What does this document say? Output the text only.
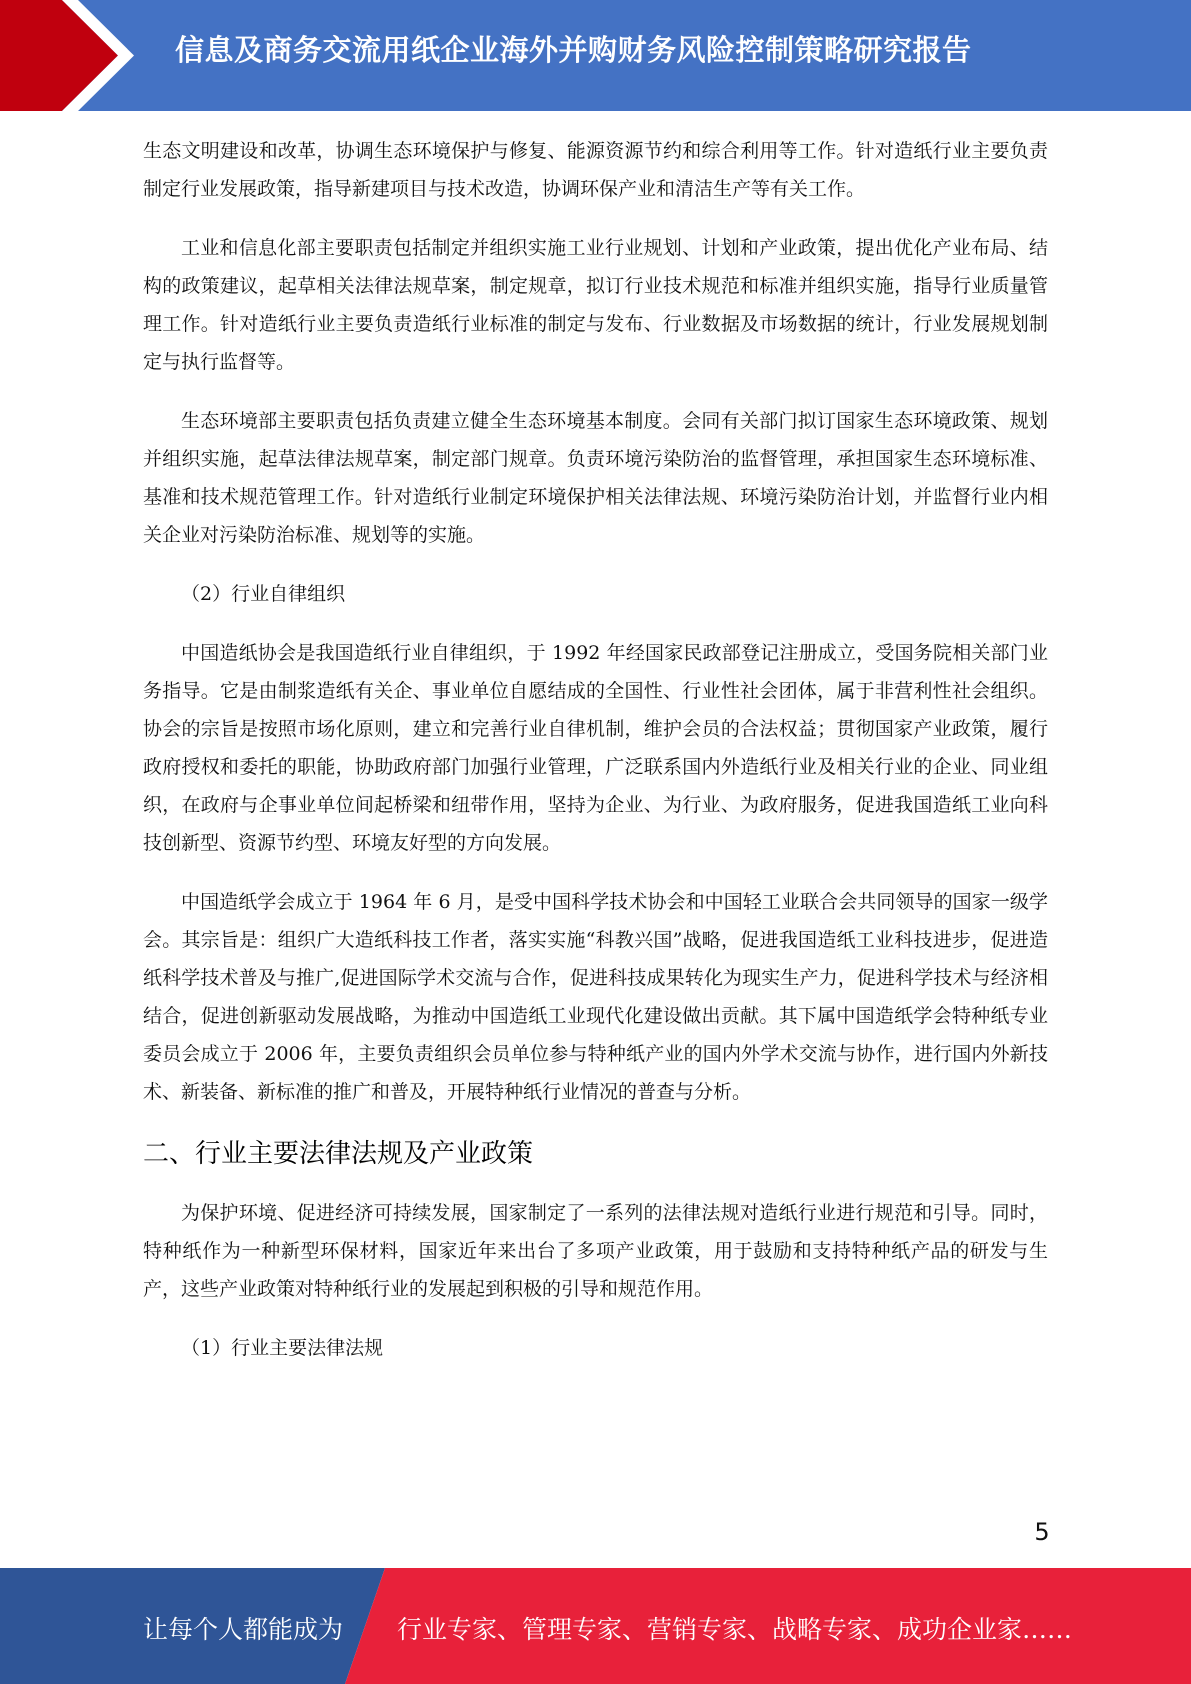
信息及商务交流用纸企业海外并购财务风险控制策略研究报告

生态文明建设和改革，协调生态环境保护与修复、能源资源节约和综合利用等工作。针对造纸行业主要负责制定行业发展政策，指导新建项目与技术改造，协调环保产业和清洁生产等有关工作。

工业和信息化部主要职责包括制定并组织实施工业行业规划、计划和产业政策，提出优化产业布局、结构的政策建议，起草相关法律法规草案，制定规章，拟订行业技术规范和标准并组织实施，指导行业质量管理工作。针对造纸行业主要负责造纸行业标准的制定与发布、行业数据及市场数据的统计，行业发展规划制定与执行监督等。

生态环境部主要职责包括负责建立健全生态环境基本制度。会同有关部门拟订国家生态环境政策、规划并组织实施，起草法律法规草案，制定部门规章。负责环境污染防治的监督管理，承担国家生态环境标准、基准和技术规范管理工作。针对造纸行业制定环境保护相关法律法规、环境污染防治计划，并监督行业内相关企业对污染防治标准、规划等的实施。

（2）行业自律组织

中国造纸协会是我国造纸行业自律组织，于 1992 年经国家民政部登记注册成立，受国务院相关部门业务指导。它是由制浆造纸有关企、事业单位自愿结成的全国性、行业性社会团体，属于非营利性社会组织。协会的宗旨是按照市场化原则，建立和完善行业自律机制，维护会员的合法权益；贯彻国家产业政策，履行政府授权和委托的职能，协助政府部门加强行业管理，广泛联系国内外造纸行业及相关行业的企业、同业组织，在政府与企事业单位间起桥梁和纽带作用，坚持为企业、为行业、为政府服务，促进我国造纸工业向科技创新型、资源节约型、环境友好型的方向发展。

中国造纸学会成立于 1964 年 6 月，是受中国科学技术协会和中国轻工业联合会共同领导的国家一级学会。其宗旨是：组织广大造纸科技工作者，落实实施“科教兴国”战略，促进我国造纸工业科技进步，促进造纸科学技术普及与推广,促进国际学术交流与合作，促进科技成果转化为现实生产力，促进科学技术与经济相结合，促进创新驱动发展战略，为推动中国造纸工业现代化建设做出贡献。其下属中国造纸学会特种纸专业委员会成立于 2006 年，主要负责组织会员单位参与特种纸产业的国内外学术交流与协作，进行国内外新技术、新装备、新标准的推广和普及，开展特种纸行业情况的普查与分析。

二、行业主要法律法规及产业政策

为保护环境、促进经济可持续发展，国家制定了一系列的法律法规对造纸行业进行规范和引导。同时，特种纸作为一种新型环保材料，国家近年来出台了多项产业政策，用于鼓励和支持特种纸产品的研发与生产，这些产业政策对特种纸行业的发展起到积极的引导和规范作用。

（1）行业主要法律法规

5
让每个人都能成为 行业专家、管理专家、营销专家、战略专家、成功企业家……
